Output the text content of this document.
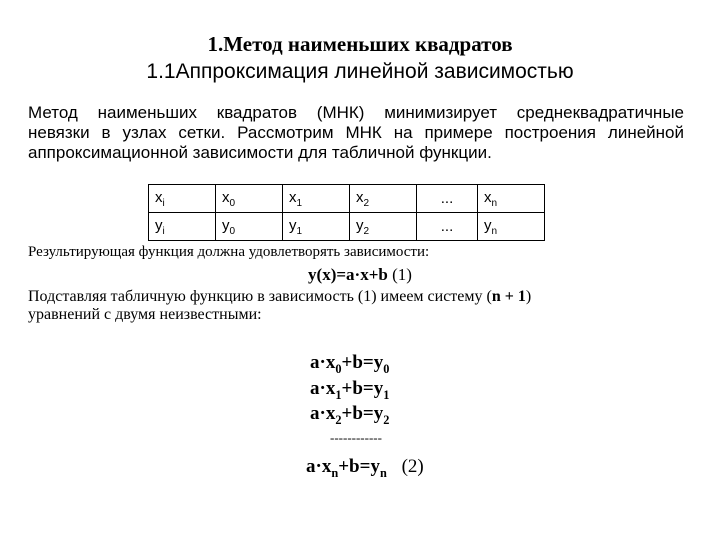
1.Метод наименьших квадратов
1.1Аппроксимация линейной зависимостью
Метод наименьших квадратов (МНК) минимизирует среднеквадратичные
невязки в узлах сетки. Рассмотрим МНК на примере построения линейной
аппроксимационной зависимости для табличной функции.
$x_i$	$x_0$	$x_1$	$x_2$	...	$x_n$
$y_i$	$y_0$	$y_1$	$y_2$	...	$y_n$
Результирующая функция должна удовлетворять зависимости:
y(x)=a·x+b (1)
Подставляя табличную функцию в зависимость (1) имеем систему (n + 1)
уравнений с двумя неизвестными:
$a\cdot x_0+b=y_0$
$a\cdot x_1+b=y_1$
$a\cdot x_2+b=y_2$
------------
$a\cdot x_n+b=y_n$ (2)
